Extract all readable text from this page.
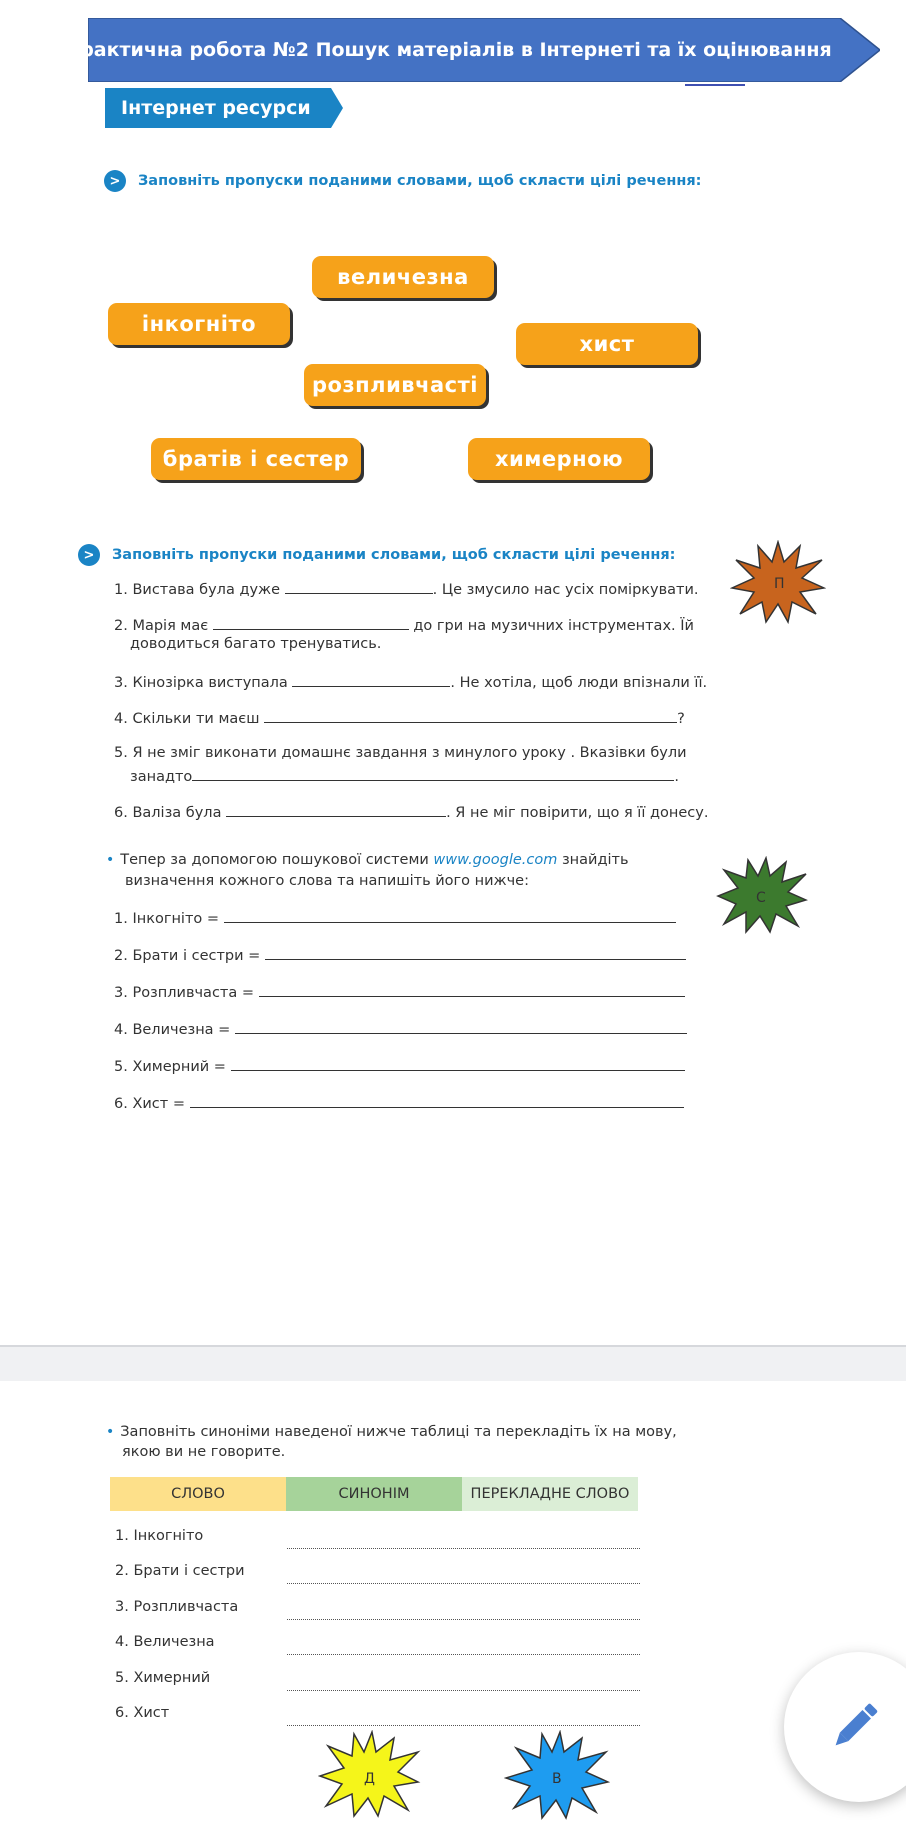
Практична робота №2 Пошук матеріалів в Інтернеті та їх оцінювання
Інтернет ресурси
>	Заповніть пропуски поданими словами, щоб скласти цілі речення:
величезна
інкогніто
хист
розпливчасті
братів і сестер	химерною
>	Заповніть пропуски поданими словами, щоб скласти цілі речення:
1. Вистава була дуже	. Це змусило нас усіх поміркувати.
2. Марія має	до гри на музичних інструментах. Їй
доводиться багато тренуватись.
3. Кінозірка виступала	. Не хотіла, щоб люди впізнали її.
4. Скільки ти маєш	?
5. Я не зміг виконати домашнє завдання з минулого уроку . Вказівки були
занадто	.
6. Валіза була	. Я не міг повірити, що я її донесу.
П
• Тепер за допомогою пошукової системи www.google.com знайдіть
визначення кожного слова та напишіть його нижче:
1. Інкогніто =
2. Брати і сестри =
3. Розпливчаста =
4. Величезна =
5. Химерний =
6. Хист =
С
• Заповніть синоніми наведеної нижче таблиці та перекладіть їх на мову,
якою ви не говорите.
СЛОВО	СИНОНІМ	ПЕРЕКЛАДНЕ СЛОВО
1. Інкогніто
2. Брати і сестри
3. Розпливчаста
4. Величезна
5. Химерний
6. Хист
Д	В
